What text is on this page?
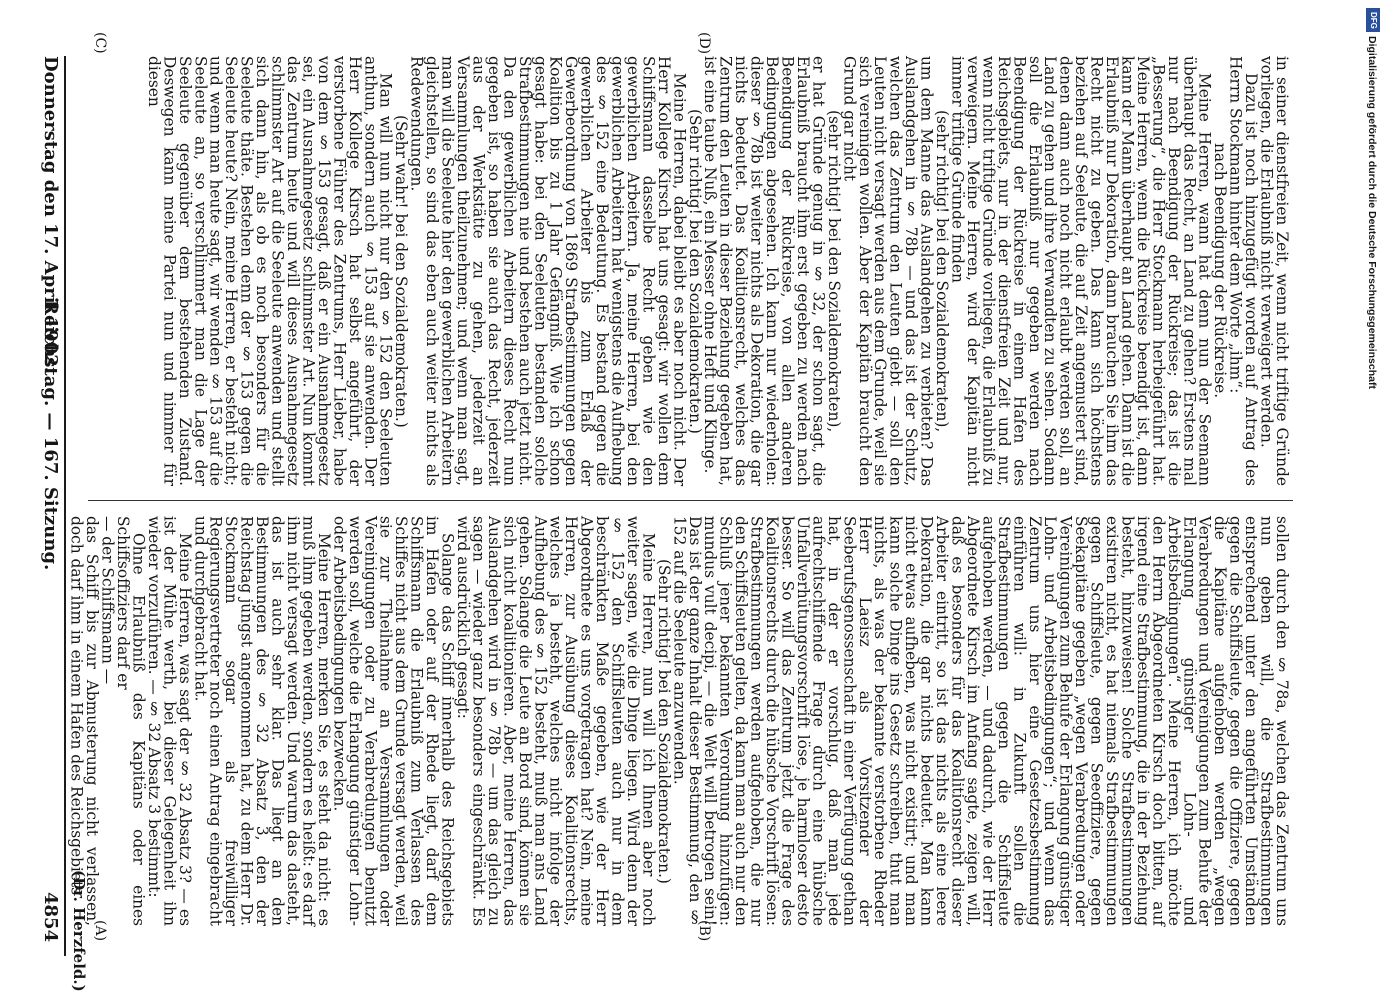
4854
Reichstag. — 167. Sitzung.
Donnerstag den 17. April 1902.
(Dr. Herzfeld.) (A)	(B)
(C)	(D)

sollen durch den § 78a, welchen das Zentrum uns nun geben will, die Strafbestimmungen entsprechend unter den angeführten Umständen gegen die Schiffsleute, gegen die Offiziere, gegen die Kapitäne aufgehoben werden „wegen Verabredungen und Vereinigungen zum Behufe der Erlangung günstiger Lohn- und Arbeitsbedingungen“. Meine Herren, ich möchte den Herrn Abgeordneten Kirsch doch bitten, auf irgend eine Strafbestimmung, die in der Beziehung besteht, hinzuweisen! Solche Strafbestimmungen existiren nicht, es hat niemals Strafbestimmungen gegen Schiffsleute, gegen Seeoffiziere, gegen Seekapitäne gegeben „wegen Verabredungen oder Vereinigungen zum Behufe der Erlangung günstiger Lohn- und Arbeitsbedingungen“; und wenn das Zentrum uns hier eine Gesetzesbestimmung einführen will: in Zukunft sollen die Strafbestimmungen gegen die Schiffsleute aufgehoben werden, — und dadurch, wie der Herr Abgeordnete Kirsch im Anfang sagte, zeigen will, daß es besonders für das Koalitionsrecht dieser Arbeiter eintritt, so ist das nichts als eine leere Dekoration, die gar nichts bedeutet. Man kann nicht etwas aufheben, was nicht existirt; und man kann solche Dinge ins Gesetz schreiben, thut man nichts, als was der bekannte verstorbene Rheder Herr Laeisz als Vorsitzender der Seeberufsgenossenschaft in einer Verfügung gethan hat, in der er vorschlug, daß man jede aufrechtschiffende Frage durch eine hübsche Unfallverhütungsvorschrift löse, je harmloser desto besser. So will das Zentrum jetzt die Frage des Koalitionsrechts durch die hübsche Vorschrift lösen: Strafbestimmungen werden aufgehoben, die nur den Schiffsleuten gelten, da kann man auch nur den Schluß jener bekannten Verordnung hinzufügen: mundus vult decipi, — die Welt will betrogen sein! Das ist der ganze Inhalt dieser Bestimmung, den § 152 auf die Seeleute anzuwenden.

(Sehr richtig! bei den Sozialdemokraten.)

Meine Herren, nun will ich Ihnen aber noch weiter sagen, wie die Dinge liegen. Wird denn der § 152 den Schiffsleuten auch nur in dem beschränkten Maße gegeben, wie der Herr Abgeordnete es uns vorgetragen hat? Nein, meine Herren, zur Ausübung dieses Koalitionsrechts, welches ja besteht, welches nicht infolge der Aufhebung des § 152 besteht, muß man ans Land gehen. Solange die Leute an Bord sind, können sie sich nicht koalitionieren. Aber, meine Herren, das Auslandgehen wird in § 78b — um das gleich zu sagen — wieder ganz besonders eingeschränkt. Es wird ausdrücklich gesagt:

Solange das Schiff innerhalb des Reichsgebiets im Hafen oder auf der Rhede liegt, darf dem Schiffsmann die Erlaubniß zum Verlassen des Schiffes nicht aus dem Grunde versagt werden, weil sie zur Theilnahme an Versammlungen oder Vereinigungen oder zu Verabredungen benutzt werden soll, welche die Erlangung günstiger Lohn- oder Arbeitsbedingungen bezwecken.

Meine Herren, merken Sie, es steht da nicht: es muß ihm gegeben werden, sondern es heißt: es darf ihm nicht versagt werden. Und warum das dasteht, das ist auch sehr klar. Das liegt an den Bestimmungen des § 32 Absatz 3, den der Reichstag jüngst angenommen hat, zu dem Herr Dr. Stockmann sogar als freiwilliger Regierungsvertreter noch einen Antrag eingebracht und durchgebracht hat.

Meine Herren, was sagt der § 32 Absatz 3? — es ist der Mühe werth, bei dieser Gelegenheit ihn wieder vorzuführen. — § 32 Absatz 3 bestimmt:

Ohne Erlaubniß des Kapitäns oder eines Schiffsoffiziers darf er

— der Schiffsmann —

das Schiff bis zur Abmusterung nicht verlassen, doch darf ihm in einem Hafen des Reichsgebiets

in seiner dienstfreien Zeit, wenn nicht triftige Gründe vorliegen, die Erlaubniß nicht verweigert werden.

Dazu ist noch hinzugefügt worden auf Antrag des Herrn Stockmann hinter dem Worte „ihm“:

nach Beendigung der Rückreise.

Meine Herren, wann hat denn nun der Seemann überhaupt das Recht, an Land zu gehen? Erstens mal nur nach Beendigung der Rückreise; das ist die „Besserung“, die Herr Stockmann herbeigeführt hat. Meine Herren, wenn die Rückreise beendigt ist, dann kann der Mann überhaupt an Land gehen. Dann ist die Erlaubniß nur Dekoration, dann brauchen Sie ihm das Recht nicht zu geben. Das kann sich höchstens beziehen auf Seeleute, die auf Zeit angemustert sind, denen dann auch noch nicht erlaubt werden soll, an Land zu gehen und ihre Verwandten zu sehen. Sodann soll die Erlaubniß nur gegeben werden nach Beendigung der Rückreise in einem Hafen des Reichsgebiets, nur in der dienstfreien Zeit und nur, wenn nicht triftige Gründe vorliegen, die Erlaubniß zu verweigern. Meine Herren, wird der Kapitän nicht immer triftige Gründe finden

(sehr richtig! bei den Sozialdemokraten),

um dem Manne das Auslandgehen zu verbieten? Das Auslandgehen in § 78b — und das ist der Schutz, welchen das Zentrum den Leuten giebt — soll den Leuten nicht versagt werden aus dem Grunde, weil sie sich vereinigen wollen. Aber der Kapitän braucht den Grund gar nicht

(sehr richtig! bei den Sozialdemokraten),

er hat Gründe genug in § 32, der schon sagt, die Erlaubniß braucht ihm erst gegeben zu werden nach Beendigung der Rückreise, von allen anderen Bedingungen abgesehen. Ich kann nur wiederholen: dieser § 78b ist weiter nichts als Dekoration, die gar nichts bedeutet. Das Koalitionsrecht, welches das Zentrum den Leuten in dieser Beziehung gegeben hat, ist eine taube Nuß, ein Messer ohne Heft und Klinge.

(Sehr richtig! bei den Sozialdemokraten.)

Meine Herren, dabei bleibt es aber noch nicht. Der Herr Kollege Kirsch hat uns gesagt: wir wollen dem Schiffsmann dasselbe Recht geben wie den gewerblichen Arbeitern. Ja, meine Herren, bei den gewerblichen Arbeitern hat wenigstens die Aufhebung des § 152 eine Bedeutung. Es bestand gegen die gewerblichen Arbeiter bis zum Erlaß der Gewerbeordnung von 1869 Strafbestimmungen gegen Koalition bis zu 1 Jahr Gefängniß. Wie ich schon gesagt habe: bei den Seeleuten bestanden solche Strafbestimmungen nie und bestehen auch jetzt nicht. Da den gewerblichen Arbeitern dieses Recht nun gegeben ist, so haben sie auch das Recht, jederzeit aus der Werkstätte zu gehen, jederzeit an Versammlungen theilzunehmen; und wenn man sagt, man will die Seeleute hier den gewerblichen Arbeitern gleichstellen, so sind das eben auch weiter nichts als Redewendungen.

(Sehr wahr! bei den Sozialdemokraten.)

Man will nun nicht nur den § 152 den Seeleuten anthun, sondern auch § 153 auf sie anwenden. Der Herr Kollege Kirsch hat selbst angeführt, der verstorbene Führer des Zentrums, Herr Lieber, habe von dem § 153 gesagt, daß er ein Ausnahmegesetz sei, ein Ausnahmegesetz schlimmster Art. Nun kommt das Zentrum heute und will dieses Ausnahmegesetz schlimmster Art auf die Seeleute anwenden und stellt sich dann hin, als ob es noch besonders für die Seeleute thäte. Bestehen denn der § 153 gegen die Seeleute heute? Nein, meine Herren, er besteht nicht; und wenn man heute sagt, wir wenden § 153 auf die Seeleute an, so verschlimmert man die Lage der Seeleute gegenüber dem bestehenden Zustand. Deswegen kann meine Partei nun und nimmer für diesen	Digitalisierung gefördert durch die Deutsche Forschungsgemeinschaft
DFG
